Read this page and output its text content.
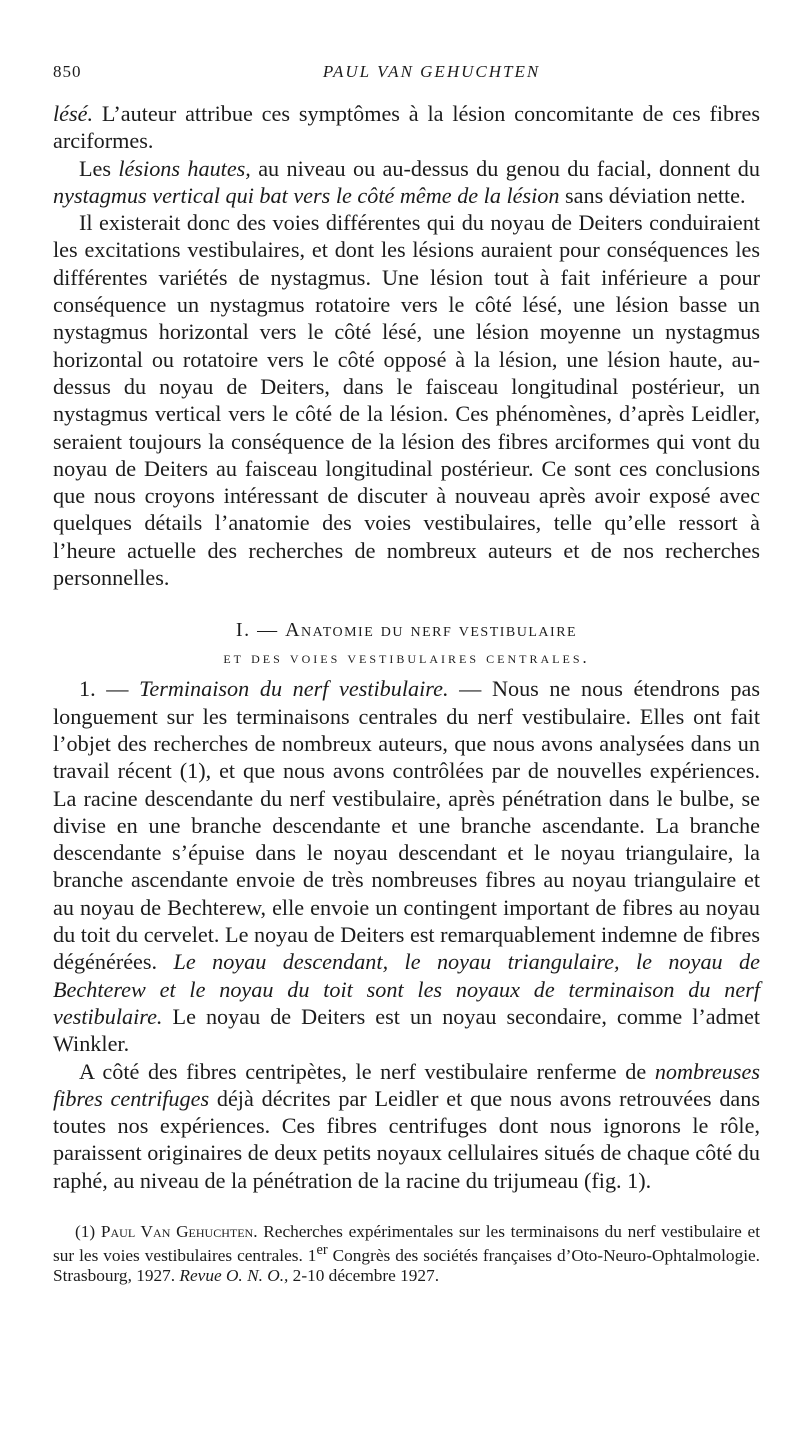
850	PAUL VAN GEHUCHTEN

lésé. L’auteur attribue ces symptômes à la lésion concomitante de ces fibres arciformes.

Les lésions hautes, au niveau ou au-dessus du genou du facial, donnent du nystagmus vertical qui bat vers le côté même de la lésion sans déviation nette.

Il existerait donc des voies différentes qui du noyau de Deiters conduiraient les excitations vestibulaires, et dont les lésions auraient pour conséquences les différentes variétés de nystagmus. Une lésion tout à fait inférieure a pour conséquence un nystagmus rotatoire vers le côté lésé, une lésion basse un nystagmus horizontal vers le côté lésé, une lésion moyenne un nystagmus horizontal ou rotatoire vers le côté opposé à la lésion, une lésion haute, au-dessus du noyau de Deiters, dans le faisceau longitudinal postérieur, un nystagmus vertical vers le côté de la lésion. Ces phénomènes, d’après Leidler, seraient toujours la conséquence de la lésion des fibres arciformes qui vont du noyau de Deiters au faisceau longitudinal postérieur. Ce sont ces conclusions que nous croyons intéressant de discuter à nouveau après avoir exposé avec quelques détails l’anatomie des voies vestibulaires, telle qu’elle ressort à l’heure actuelle des recherches de nombreux auteurs et de nos recherches personnelles.

I. — Anatomie du nerf vestibulaire
et des voies vestibulaires centrales.

1. — Terminaison du nerf vestibulaire. — Nous ne nous étendrons pas longuement sur les terminaisons centrales du nerf vestibulaire. Elles ont fait l’objet des recherches de nombreux auteurs, que nous avons analysées dans un travail récent (1), et que nous avons contrôlées par de nouvelles expériences. La racine descendante du nerf vestibulaire, après pénétration dans le bulbe, se divise en une branche descendante et une branche ascendante. La branche descendante s’épuise dans le noyau descendant et le noyau triangulaire, la branche ascendante envoie de très nombreuses fibres au noyau triangulaire et au noyau de Bechterew, elle envoie un contingent important de fibres au noyau du toit du cervelet. Le noyau de Deiters est remarquablement indemne de fibres dégénérées. Le noyau descendant, le noyau triangulaire, le noyau de Bechterew et le noyau du toit sont les noyaux de terminaison du nerf vestibulaire. Le noyau de Deiters est un noyau secondaire, comme l’admet Winkler.

A côté des fibres centripètes, le nerf vestibulaire renferme de nombreuses fibres centrifuges déjà décrites par Leidler et que nous avons retrouvées dans toutes nos expériences. Ces fibres centrifuges dont nous ignorons le rôle, paraissent originaires de deux petits noyaux cellulaires situés de chaque côté du raphé, au niveau de la pénétration de la racine du trijumeau (fig. 1).

(1) Paul Van Gehuchten. Recherches expérimentales sur les terminaisons du nerf vestibulaire et sur les voies vestibulaires centrales. 1er Congrès des sociétés françaises d’Oto-Neuro-Ophtalmologie. Strasbourg, 1927. Revue O. N. O., 2-10 décembre 1927.
